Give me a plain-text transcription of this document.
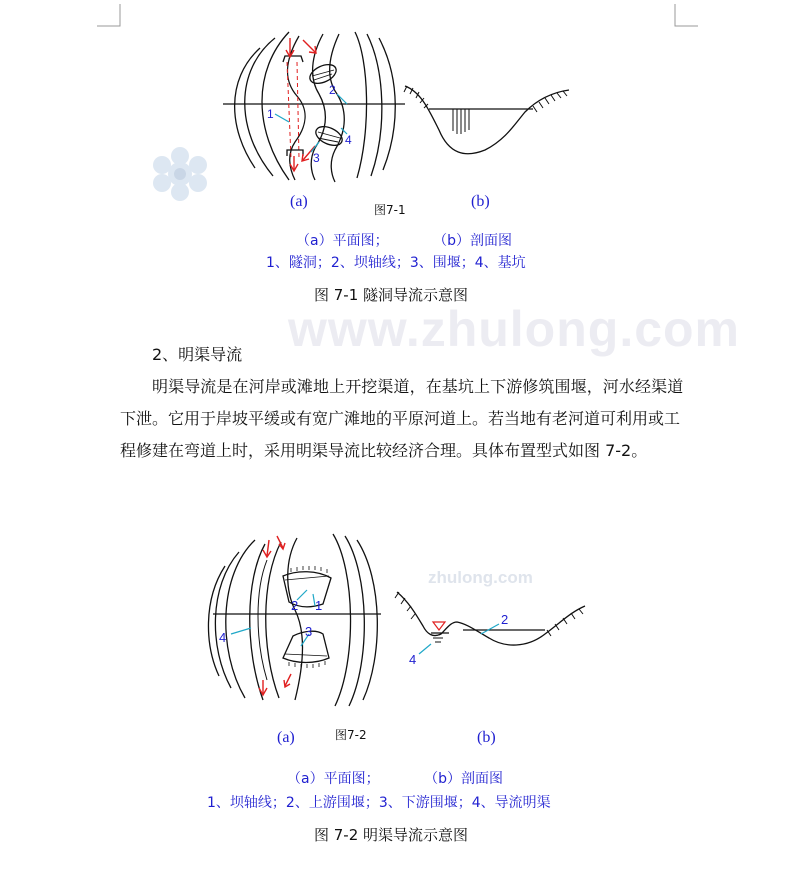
www.zhulong.com
zhulong.com
1
2
3
4
(a)	图7-1	(b)
（a）平面图；          （b）剖面图
1、隧洞；2、坝轴线；3、围堰；4、基坑
图 7-1 隧洞导流示意图
2、明渠导流
明渠导流是在河岸或滩地上开挖渠道，在基坑上下游修筑围堰，河水经渠道
下泄。它用于岸坡平缓或有宽广滩地的平原河道上。若当地有老河道可利用或工
程修建在弯道上时，采用明渠导流比较经济合理。具体布置型式如图 7-2。
2 1
3
4
2
4
(a)	图7-2	(b)
（a）平面图；          （b）剖面图
1、坝轴线；2、上游围堰；3、下游围堰；4、导流明渠
图 7-2 明渠导流示意图
